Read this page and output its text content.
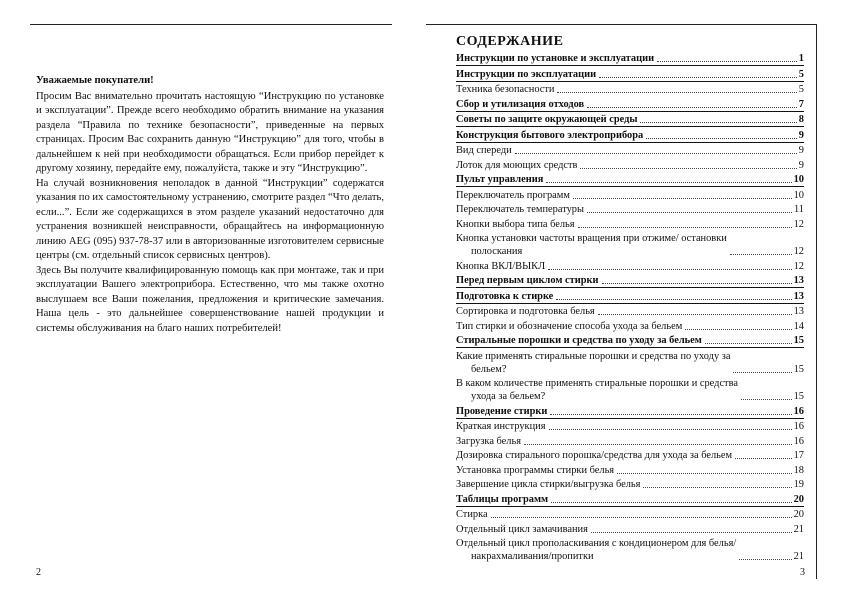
Уважаемые покупатели!

Просим Вас внимательно прочитать настоящую “Инструкцию по установке и эксплуатации”. Прежде всего необходимо обратить внимание на указания раздела “Правила по технике безопасности”, приведенные на первых страницах. Просим Вас сохранить данную “Инструкцию” для того, чтобы в дальнейшем к ней при необходимости обращаться. Если прибор перейдет к другому хозяину, передайте ему, пожалуйста, также и эту “Инструкцию”.

На случай возникновения неполадок в данной “Инструкции” содержатся указания по их самостоятельному устранению, смотрите раздел “Что делать, если...”. Если же содержащихся в этом разделе указаний недостаточно для устранения возникшей неисправности, обращайтесь на информационную линию AEG (095) 937-78-37 или в авторизованные изготовителем сервисные центры (см. отдельный список сервисных центров).

Здесь Вы получите квалифицированную помощь как при монтаже, так и при эксплуатации Вашего электроприбора. Естественно, что мы также охотно выслушаем все Ваши пожелания, предложения и критические замечания. Наша цель - это дальнейшее совершенствование нашей продукции и системы обслуживания на благо наших потребителей!

2
СОДЕРЖАНИЕ
Инструкции по установке и эксплуатации	1
Инструкции по эксплуатации	5
Техника безопасности	5
Сбор и утилизация отходов	7
Советы по защите окружающей среды	8
Конструкция бытового электроприбора	9
Вид спереди	9
Лоток для моющих средств	9
Пульт управления	10
Переключатель программ	10
Переключатель температуры	11
Кнопки выбора типа белья	12
Кнопка установки частоты вращения при отжиме/ остановки
полоскания	12
Кнопка ВКЛ/ВЫКЛ	12
Перед первым циклом стирки	13
Подготовка к стирке	13
Сортировка и подготовка белья	13
Тип стирки и обозначение способа ухода за бельем	14
Стиральные порошки и средства по уходу за бельем	15
Какие применять стиральные порошки и средства по уходу за
бельем?	15
В каком количестве применять стиральные порошки и средства
ухода за бельем?	15
Проведение стирки	16
Краткая инструкция	16
Загрузка белья	16
Дозировка стирального порошка/средства для ухода за бельем	17
Установка программы стирки белья	18
Завершение цикла стирки/выгрузка белья	19
Таблицы программ	20
Стирка	20
Отдельный цикл замачивания	21
Отдельный цикл прополаскивания с кондиционером для белья/
накрахмаливания/пропитки	21
3
